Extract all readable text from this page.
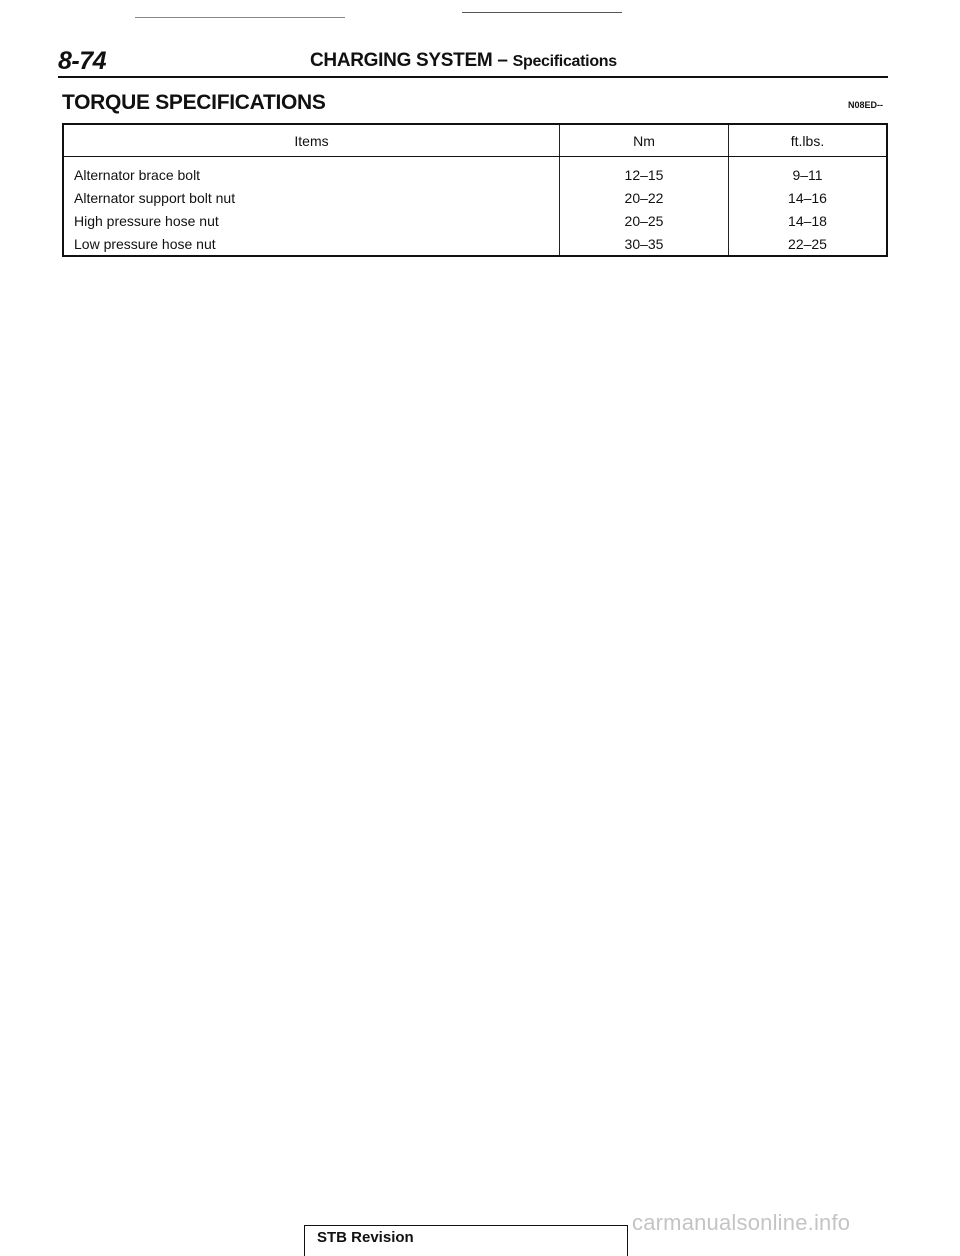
8-74	CHARGING SYSTEM – Specifications
TORQUE SPECIFICATIONS	N08ED--
Items	Nm	ft.lbs.
Alternator brace bolt	12–15	9–11
Alternator support bolt nut	20–22	14–16
High pressure hose nut	20–25	14–18
Low pressure hose nut	30–35	22–25
STB Revision
carmanualsonline.info
